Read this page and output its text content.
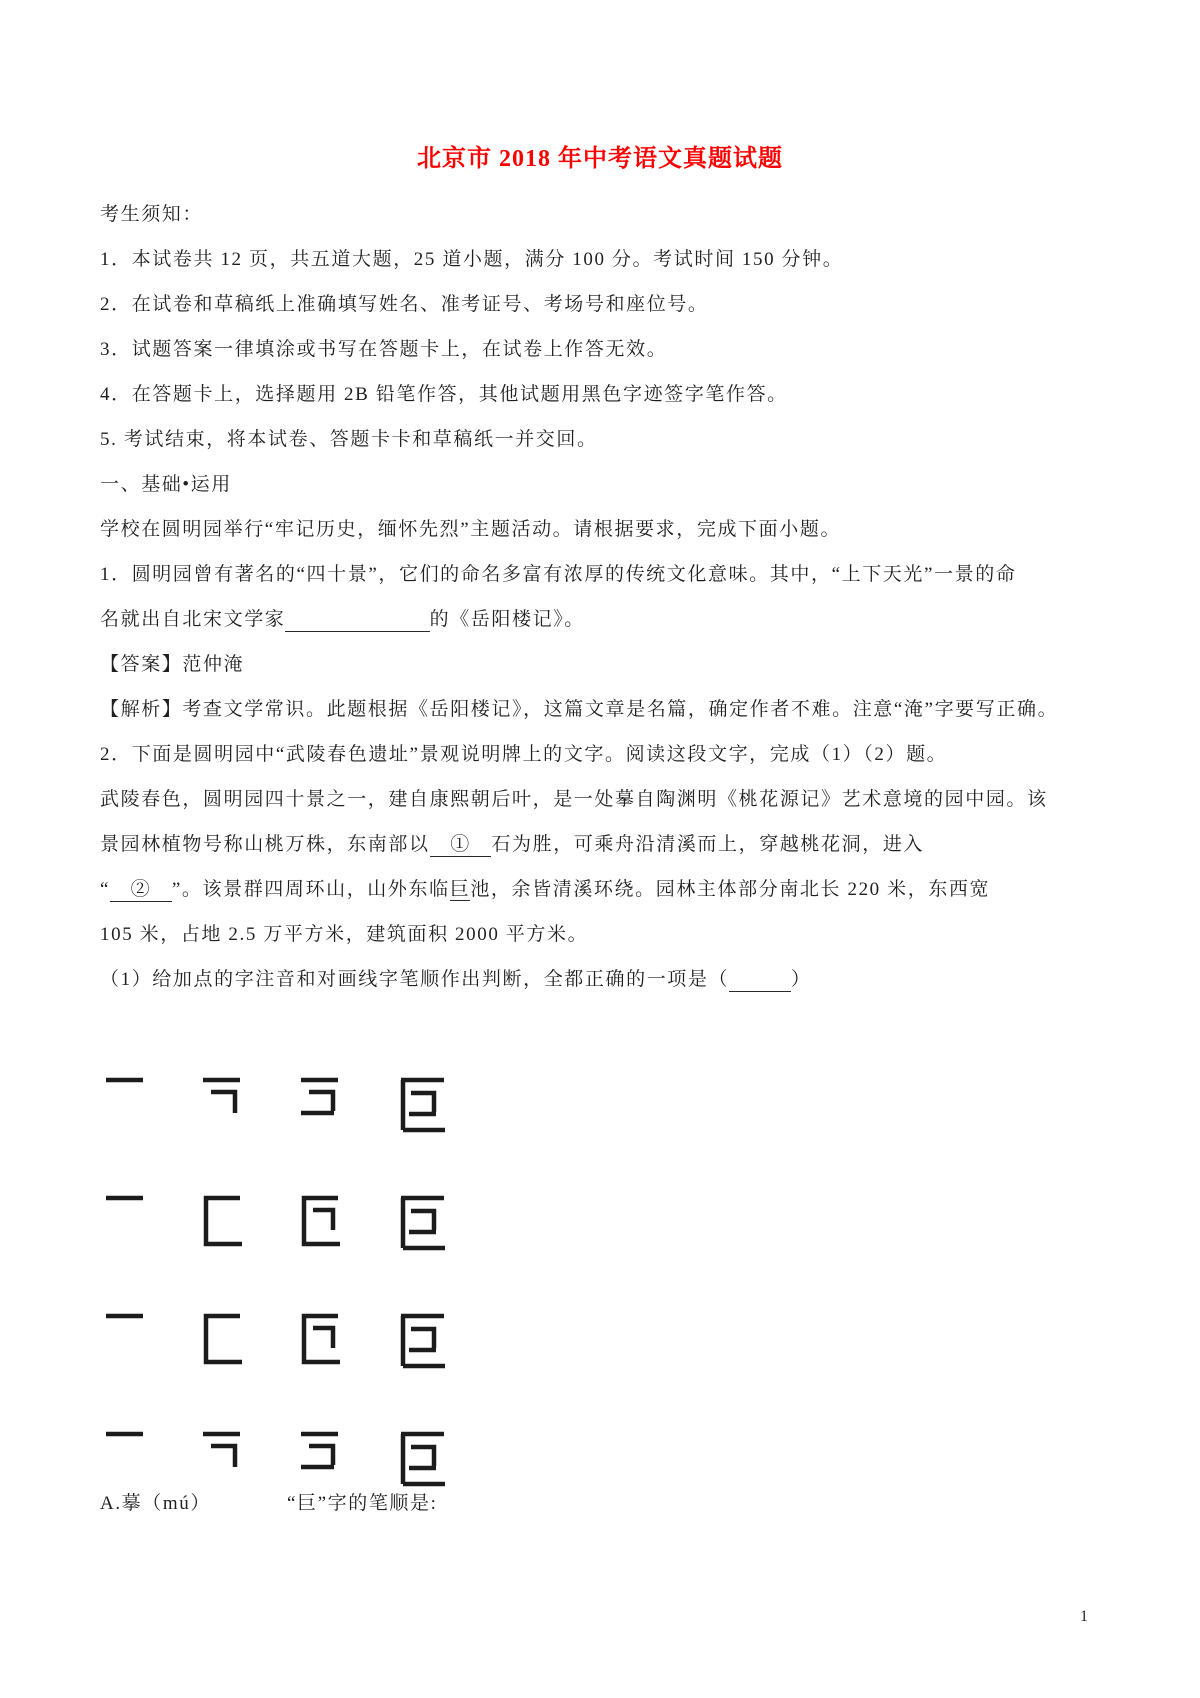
北京市 2018 年中考语文真题试题

考生须知：

1．本试卷共 12 页，共五道大题，25 道小题，满分 100 分。考试时间 150 分钟。

2．在试卷和草稿纸上准确填写姓名、准考证号、考场号和座位号。

3．试题答案一律填涂或书写在答题卡上，在试卷上作答无效。

4．在答题卡上，选择题用 2B 铅笔作答，其他试题用黑色字迹签字笔作答。

5. 考试结束，将本试卷、答题卡卡和草稿纸一并交回。

一、基础•运用

学校在圆明园举行“牢记历史，缅怀先烈”主题活动。请根据要求，完成下面小题。

1．圆明园曾有著名的“四十景”，它们的命名多富有浓厚的传统文化意味。其中，“上下天光”一景的命

名就出自北宋文学家　　　　　　　	的《岳阳楼记》。

【答案】范仲淹

【解析】考查文学常识。此题根据《岳阳楼记》，这篇文章是名篇，确定作者不难。注意“淹”字要写正确。

2．下面是圆明园中“武陵春色遗址”景观说明牌上的文字。阅读这段文字，完成（1）（2）题。

武陵春色，圆明园四十景之一，建自康熙朝后叶，是一处摹 •自陶渊明《桃花源记》艺术意境的园中园。该

景园林植物号称山桃万株，东南部以　①　石为胜，可乘舟沿清溪而上，穿越桃花洞，进入

“　②　”。该景群四周环山，山外东临巨池，余皆清溪环绕。园林主体部分南北长 220 米，东西宽

105 米，占地 2.5 万平方米，建筑面积 2000 平方米。

（1）给加点的字注音和对画线字笔顺作出判断，全都正确的一项是（　　　	）

A.摹（mú）	“巨”字的笔顺是:

1
